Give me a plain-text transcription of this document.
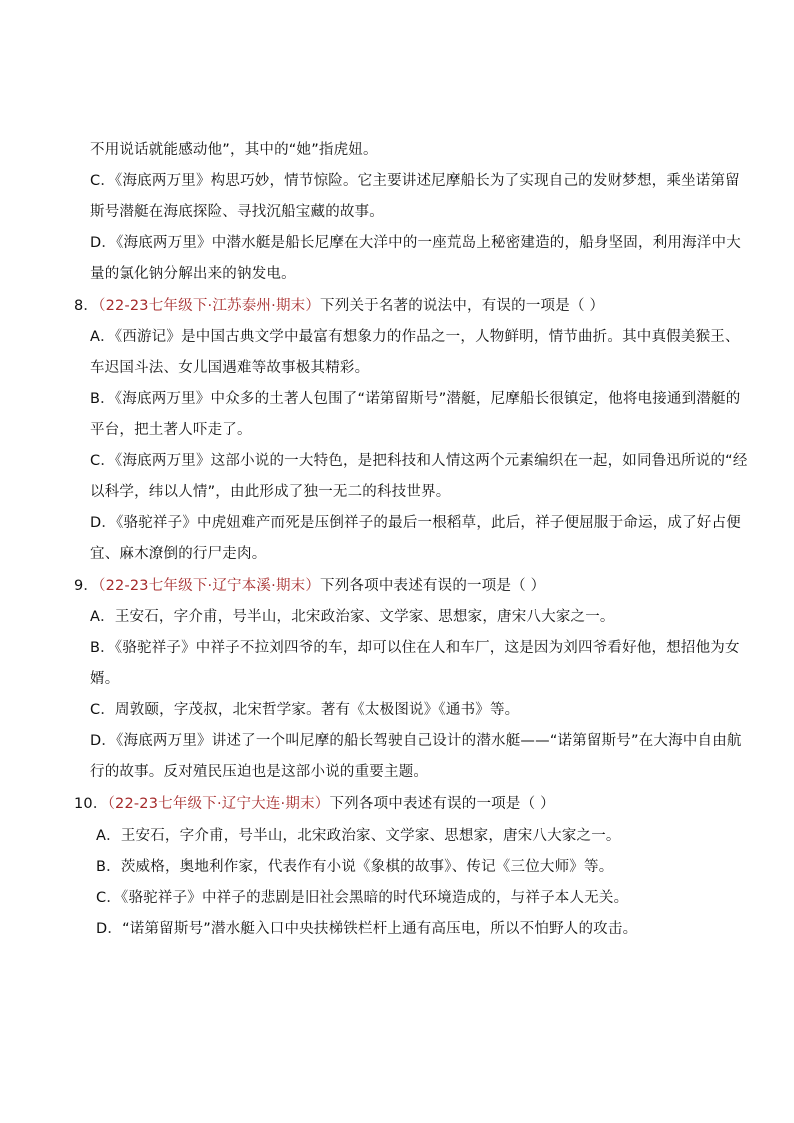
不用说话就能感动他”，其中的“她”指虎妞。
C．《海底两万里》构思巧妙，情节惊险。它主要讲述尼摩船长为了实现自己的发财梦想，乘坐诺第留
斯号潜艇在海底探险、寻找沉船宝藏的故事。
D．《海底两万里》中潜水艇是船长尼摩在大洋中的一座荒岛上秘密建造的，船身坚固，利用海洋中大
量的氯化钠分解出来的钠发电。
8．（22-23七年级下·江苏泰州·期末）下列关于名著的说法中，有误的一项是（ ）
A．《西游记》是中国古典文学中最富有想象力的作品之一，人物鲜明，情节曲折。其中真假美猴王、
车迟国斗法、女儿国遇难等故事极其精彩。
B．《海底两万里》中众多的土著人包围了“诺第留斯号”潜艇，尼摩船长很镇定，他将电接通到潜艇的
平台，把土著人吓走了。
C．《海底两万里》这部小说的一大特色，是把科技和人情这两个元素编织在一起，如同鲁迅所说的“经
以科学，纬以人情”，由此形成了独一无二的科技世界。
D．《骆驼祥子》中虎妞难产而死是压倒祥子的最后一根稻草，此后，祥子便屈服于命运，成了好占便
宜、麻木潦倒的行尸走肉。
9．（22-23七年级下·辽宁本溪·期末）下列各项中表述有误的一项是（ ）
A．王安石，字介甫，号半山，北宋政治家、文学家、思想家，唐宋八大家之一。
B．《骆驼祥子》中祥子不拉刘四爷的车，却可以住在人和车厂，这是因为刘四爷看好他，想招他为女
婿。
C．周敦颐，字茂叔，北宋哲学家。著有《太极图说》《通书》等。
D．《海底两万里》讲述了一个叫尼摩的船长驾驶自己设计的潜水艇——“诺第留斯号”在大海中自由航
行的故事。反对殖民压迫也是这部小说的重要主题。
10．（22-23七年级下·辽宁大连·期末）下列各项中表述有误的一项是（ ）
A．王安石，字介甫，号半山，北宋政治家、文学家、思想家，唐宋八大家之一。
B．茨威格，奥地利作家，代表作有小说《象棋的故事》、传记《三位大师》等。
C．《骆驼祥子》中祥子的悲剧是旧社会黑暗的时代环境造成的，与祥子本人无关。
D．“诺第留斯号”潜水艇入口中央扶梯铁栏杆上通有高压电，所以不怕野人的攻击。
